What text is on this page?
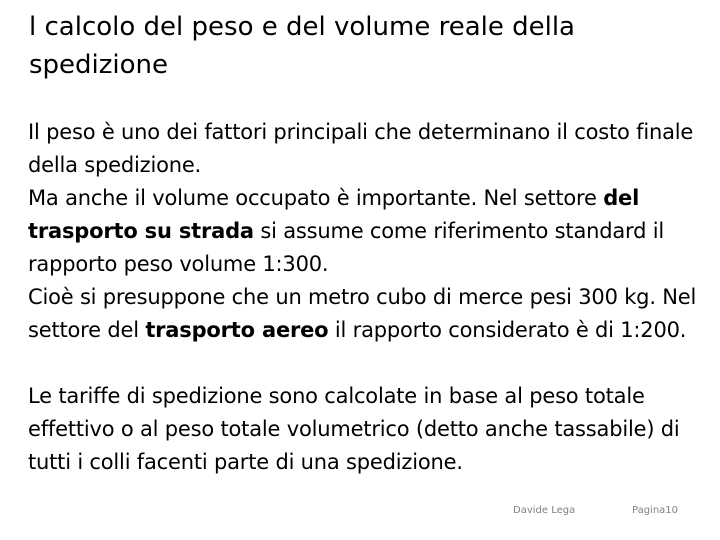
l calcolo del peso e del volume reale della spedizione

Il peso è uno dei fattori principali che determinano il costo finale della spedizione.

Ma anche il volume occupato è importante. Nel settore del trasporto su strada si assume come riferimento standard il rapporto peso volume 1:300.

Cioè si presuppone che un metro cubo di merce pesi 300 kg. Nel settore del trasporto aereo il rapporto considerato è di 1:200.

Le tariffe di spedizione sono calcolate in base al peso totale effettivo o al peso totale volumetrico (detto anche tassabile) di tutti i colli facenti parte di una spedizione.

Davide Lega	Pagina10
